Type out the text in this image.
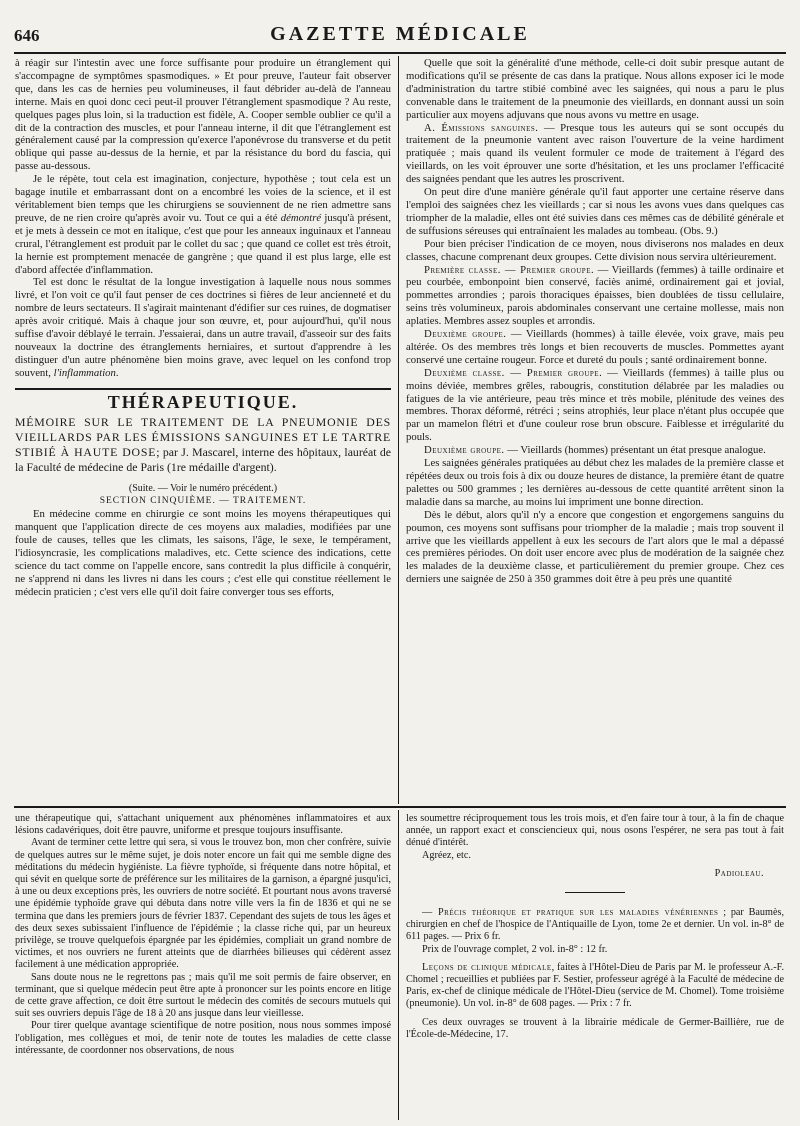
646	GAZETTE MÉDICALE

à réagir sur l'intestin avec une force suffisante pour produire un étranglement qui s'accompagne de symptômes spasmodiques. » Et pour preuve, l'auteur fait observer que, dans les cas de hernies peu volumineuses, il faut débrider au-delà de l'anneau interne. Mais en quoi donc ceci peut-il prouver l'étranglement spasmodique ? Au reste, quelques pages plus loin, si la traduction est fidèle, A. Cooper semble oublier ce qu'il a dit de la contraction des muscles, et pour l'anneau interne, il dit que l'étranglement est généralement causé par la compression qu'exerce l'aponévrose du transverse et du petit oblique qui passe au-dessus de la hernie, et par la résistance du bord du fascia, qui passe au-dessous.

Je le répète, tout cela est imagination, conjecture, hypothèse ; tout cela est un bagage inutile et embarrassant dont on a encombré les voies de la science, et il est véritablement bien temps que les chirurgiens se souviennent de ne rien admettre sans preuve, de ne rien croire qu'après avoir vu. Tout ce qui a été démontré jusqu'à présent, et je mets à dessein ce mot en italique, c'est que pour les anneaux inguinaux et l'anneau crural, l'étranglement est produit par le collet du sac ; que quand ce collet est très étroit, la hernie est promptement menacée de gangrène ; que quand il est plus large, elle est d'abord affectée d'inflammation.

Tel est donc le résultat de la longue investigation à laquelle nous nous sommes livré, et l'on voit ce qu'il faut penser de ces doctrines si fières de leur ancienneté et du nombre de leurs sectateurs. Il s'agirait maintenant d'édifier sur ces ruines, de dogmatiser après avoir critiqué. Mais à chaque jour son œuvre, et, pour aujourd'hui, qu'il nous suffise d'avoir déblayé le terrain. J'essaierai, dans un autre travail, d'asseoir sur des faits nouveaux la doctrine des étranglements herniaires, et surtout d'apprendre à les distinguer d'un autre phénomène bien moins grave, avec lequel on les confond trop souvent, l'inflammation.

THÉRAPEUTIQUE.
MÉMOIRE SUR LE TRAITEMENT DE LA PNEUMONIE DES VIEILLARDS PAR LES ÉMISSIONS SANGUINES ET LE TARTRE STIBIÉ À HAUTE DOSE; par J. Mascarel, interne des hôpitaux, lauréat de la Faculté de médecine de Paris (1re médaille d'argent).

(Suite. — Voir le numéro précédent.)

SECTION CINQUIÈME. — TRAITEMENT.

En médecine comme en chirurgie ce sont moins les moyens thérapeutiques qui manquent que l'application directe de ces moyens aux maladies, modifiées par une foule de causes, telles que les climats, les saisons, l'âge, le sexe, le tempérament, l'idiosyncrasie, les complications maladives, etc. Cette science des indications, cette science du tact comme on l'appelle encore, sans contredit la plus difficile à conquérir, ne s'apprend ni dans les livres ni dans les cours ; c'est elle qui constitue réellement le médecin praticien ; c'est vers elle qu'il doit faire converger tous ses efforts,

Quelle que soit la généralité d'une méthode, celle-ci doit subir presque autant de modifications qu'il se présente de cas dans la pratique. Nous allons exposer ici le mode d'administration du tartre stibié combiné avec les saignées, qui nous a paru le plus convenable dans le traitement de la pneumonie des vieillards, en donnant aussi un soin particulier aux moyens adjuvans que nous avons vu mettre en usage.

A. Émissions sanguines. — Presque tous les auteurs qui se sont occupés du traitement de la pneumonie vantent avec raison l'ouverture de la veine hardiment pratiquée ; mais quand ils veulent formuler ce mode de traitement à l'égard des vieillards, on les voit éprouver une sorte d'hésitation, et les uns proclamer l'efficacité des saignées pendant que les autres les proscrivent.

On peut dire d'une manière générale qu'il faut apporter une certaine réserve dans l'emploi des saignées chez les vieillards ; car si nous les avons vues dans quelques cas triompher de la maladie, elles ont été suivies dans ces mêmes cas de débilité générale et de suffusions séreuses qui entraînaient les malades au tombeau. (Obs. 9.)

Pour bien préciser l'indication de ce moyen, nous diviserons nos malades en deux classes, chacune comprenant deux groupes. Cette division nous servira ultérieurement.

Première classe. — Premier groupe. — Vieillards (femmes) à taille ordinaire et peu courbée, embonpoint bien conservé, faciès animé, ordinairement gai et jovial, pommettes arrondies ; parois thoraciques épaisses, bien doublées de tissu cellulaire, seins très volumineux, parois abdominales conservant une certaine mollesse, mais non aplaties. Membres assez souples et arrondis.

Deuxième groupe. — Vieillards (hommes) à taille élevée, voix grave, mais peu altérée. Os des membres très longs et bien recouverts de muscles. Pommettes ayant conservé une certaine rougeur. Force et dureté du pouls ; santé ordinairement bonne.

Deuxième classe. — Premier groupe. — Vieillards (femmes) à taille plus ou moins déviée, membres grêles, rabougris, constitution délabrée par les maladies ou fatigues de la vie antérieure, peau très mince et très mobile, plénitude des veines des membres. Thorax déformé, rétréci ; seins atrophiés, leur place n'étant plus occupée que par un mamelon flétri et d'une couleur rose brun obscure. Faiblesse et irrégularité du pouls.

Deuxième groupe. — Vieillards (hommes) présentant un état presque analogue.

Les saignées générales pratiquées au début chez les malades de la première classe et répétées deux ou trois fois à dix ou douze heures de distance, la première étant de quatre palettes ou 500 grammes ; les dernières au-dessous de cette quantité arrêtent sinon la maladie dans sa marche, au moins lui impriment une bonne direction.

Dès le début, alors qu'il n'y a encore que congestion et engorgemens sanguins du poumon, ces moyens sont suffisans pour triompher de la maladie ; mais trop souvent il arrive que les vieillards appellent à eux les secours de l'art alors que le mal a dépassé ces premières périodes. On doit user encore avec plus de modération de la saignée chez les malades de la deuxième classe, et particulièrement du premier groupe. Chez ces derniers une saignée de 250 à 350 grammes doit être à peu près une quantité

une thérapeutique qui, s'attachant uniquement aux phénomènes inflammatoires et aux lésions cadavériques, doit être pauvre, uniforme et presque toujours insuffisante.

Avant de terminer cette lettre qui sera, si vous le trouvez bon, mon cher confrère, suivie de quelques autres sur le même sujet, je dois noter encore un fait qui me semble digne des méditations du médecin hygiéniste. La fièvre typhoïde, si fréquente dans notre hôpital, et qui sévit en quelque sorte de préférence sur les militaires de la garnison, a épargné jusqu'ici, à une ou deux exceptions près, les ouvriers de notre société. Et pourtant nous avons traversé une épidémie typhoïde grave qui débuta dans notre ville vers la fin de 1836 et qui ne se termina que dans les premiers jours de février 1837. Cependant des sujets de tous les âges et des deux sexes subissaient l'influence de l'épidémie ; la classe riche qui, par un heureux privilège, se trouve quelquefois épargnée par les épidémies, compliait un grand nombre de victimes, et nos ouvriers ne furent atteints que de diarrhées bilieuses qui cédèrent assez facilement à une médication appropriée.

Sans doute nous ne le regrettons pas ; mais qu'il me soit permis de faire observer, en terminant, que si quelque médecin peut être apte à prononcer sur les points encore en litige de cette grave affection, ce doit être surtout le médecin des comités de secours mutuels qui suit ses ouvriers depuis l'âge de 18 à 20 ans jusque dans leur vieillesse.

Pour tirer quelque avantage scientifique de notre position, nous nous sommes imposé l'obligation, mes collègues et moi, de tenir note de toutes les maladies de cette classe intéressante, de coordonner nos observations, de nous

les soumettre réciproquement tous les trois mois, et d'en faire tour à tour, à la fin de chaque année, un rapport exact et consciencieux qui, nous osons l'espérer, ne sera pas tout à fait dénué d'intérêt.

Agréez, etc.

Padioleau.

— Précis théorique et pratique sur les maladies vénériennes ; par Baumès, chirurgien en chef de l'hospice de l'Antiquaille de Lyon, tome 2e et dernier. Un vol. in-8° de 611 pages. — Prix 6 fr.

Prix de l'ouvrage complet, 2 vol. in-8° : 12 fr.

Leçons de clinique médicale, faites à l'Hôtel-Dieu de Paris par M. le professeur A.-F. Chomel ; recueillies et publiées par F. Sestier, professeur agrégé à la Faculté de médecine de Paris, ex-chef de clinique médicale de l'Hôtel-Dieu (service de M. Chomel). Tome troisième (pneumonie). Un vol. in-8° de 608 pages. — Prix : 7 fr.

Ces deux ouvrages se trouvent à la librairie médicale de Germer-Baillière, rue de l'École-de-Médecine, 17.
